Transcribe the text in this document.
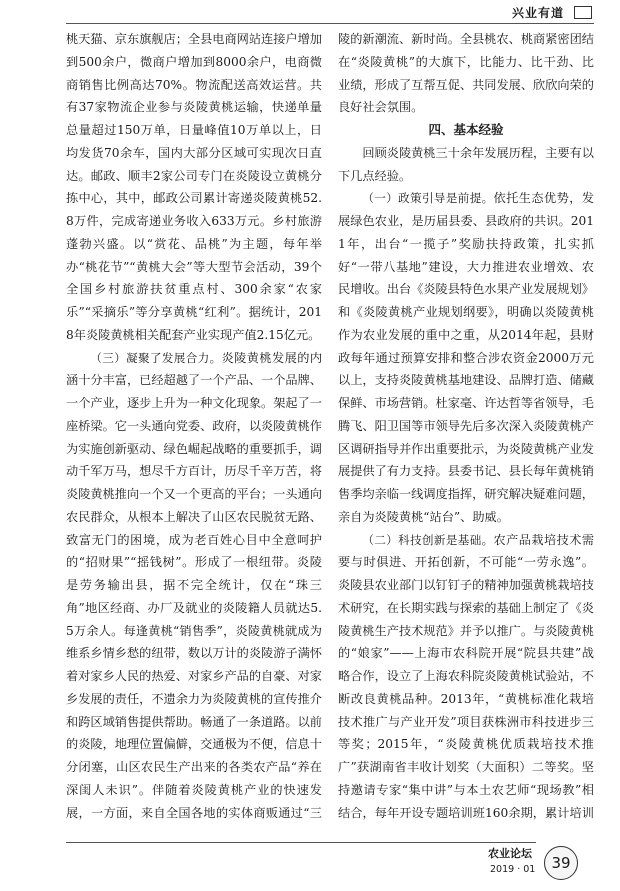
兴业有道

桃天猫、京东旗舰店；全县电商网站连接户增加到500余户，微商户增加到8000余户，电商微商销售比例高达70%。物流配送高效运营。共有37家物流企业参与炎陵黄桃运输，快递单量总量超过150万单，日量峰值10万单以上，日均发货70余车，国内大部分区域可实现次日直达。邮政、顺丰2家公司专门在炎陵设立黄桃分拣中心，其中，邮政公司累计寄递炎陵黄桃52.8万件，完成寄递业务收入633万元。乡村旅游蓬勃兴盛。以“赏花、品桃”为主题，每年举办“桃花节”“黄桃大会”等大型节会活动，39个全国乡村旅游扶贫重点村、300余家“农家乐”“采摘乐”等分享黄桃“红利”。据统计，2018年炎陵黄桃相关配套产业实现产值2.15亿元。

（三）凝聚了发展合力。炎陵黄桃发展的内涵十分丰富，已经超越了一个产品、一个品牌、一个产业，逐步上升为一种文化现象。架起了一座桥梁。它一头通向党委、政府，以炎陵黄桃作为实施创新驱动、绿色崛起战略的重要抓手，调动千军万马，想尽千方百计，历尽千辛万苦，将炎陵黄桃推向一个又一个更高的平台；一头通向农民群众，从根本上解决了山区农民脱贫无路、致富无门的困境，成为老百姓心目中全意呵护的“招财果”“摇钱树”。形成了一根纽带。炎陵是劳务输出县，据不完全统计，仅在“珠三角”地区经商、办厂及就业的炎陵籍人员就达5.5万余人。每逢黄桃“销售季”，炎陵黄桃就成为维系乡情乡愁的纽带，数以万计的炎陵游子满怀着对家乡人民的热爱、对家乡产品的自豪、对家乡发展的责任，不遗余力为炎陵黄桃的宣传推介和跨区域销售提供帮助。畅通了一条道路。以前的炎陵，地理位置偏僻，交通极为不便，信息十分闭塞，山区农民生产出来的各类农产品“养在深闺人未识”。伴随着炎陵黄桃产业的快速发展，一方面，来自全国各地的实体商贩通过“三

陵的新潮流、新时尚。全县桃农、桃商紧密团结在“炎陵黄桃”的大旗下，比能力、比干劲、比业绩，形成了互帮互促、共同发展、欣欣向荣的良好社会氛围。

四、基本经验

回顾炎陵黄桃三十余年发展历程，主要有以下几点经验。

（一）政策引导是前提。依托生态优势，发展绿色农业，是历届县委、县政府的共识。2011年，出台“一揽子”奖励扶持政策，扎实抓好“一带八基地”建设，大力推进农业增效、农民增收。出台《炎陵县特色水果产业发展规划》和《炎陵黄桃产业规划纲要》，明确以炎陵黄桃作为农业发展的重中之重，从2014年起，县财政每年通过预算安排和整合涉农资金2000万元以上，支持炎陵黄桃基地建设、品牌打造、储藏保鲜、市场营销。杜家毫、许达哲等省领导，毛腾飞、阳卫国等市领导先后多次深入炎陵黄桃产区调研指导并作出重要批示，为炎陵黄桃产业发展提供了有力支持。县委书记、县长每年黄桃销售季均亲临一线调度指挥，研究解决疑难问题，亲自为炎陵黄桃“站台”、助威。

（二）科技创新是基础。农产品栽培技术需要与时俱进、开拓创新，不可能“一劳永逸”。炎陵县农业部门以钉钉子的精神加强黄桃栽培技术研究，在长期实践与探索的基础上制定了《炎陵黄桃生产技术规范》并予以推广。与炎陵黄桃的“娘家”——上海市农科院开展“院县共建”战略合作，设立了上海农科院炎陵黄桃试验站，不断改良黄桃品种。2013年，“黄桃标准化栽培技术推广与产业开发”项目获株洲市科技进步三等奖；2015年，“炎陵黄桃优质栽培技术推广”获湖南省丰收计划奖（大面积）二等奖。坚持邀请专家“集中讲”与本土农艺师“现场教”相结合，每年开设专题培训班160余期，累计培训

农业论坛
2019 · 01	39
